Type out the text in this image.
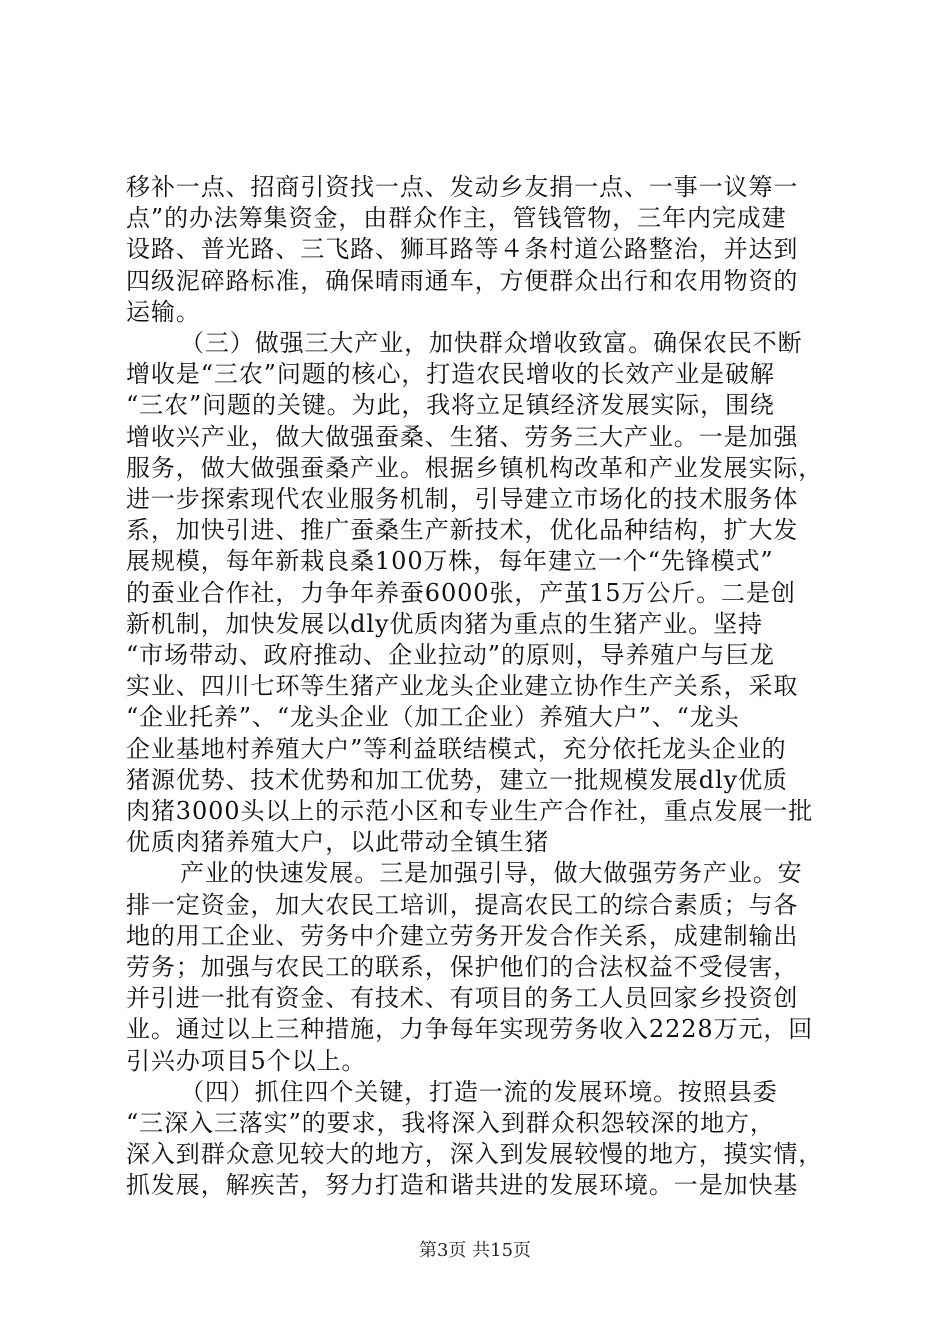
移补一点、招商引资找一点、发动乡友捐一点、一事一议筹一
点”的办法筹集资金，由群众作主，管钱管物，三年内完成建
设路、普光路、三飞路、狮耳路等４条村道公路整治，并达到
四级泥碎路标准，确保晴雨通车，方便群众出行和农用物资的
运输。
（三）做强三大产业，加快群众增收致富。确保农民不断
增收是“三农”问题的核心，打造农民增收的长效产业是破解
“三农”问题的关键。为此，我将立足镇经济发展实际，围绕
增收兴产业，做大做强蚕桑、生猪、劳务三大产业。一是加强
服务，做大做强蚕桑产业。根据乡镇机构改革和产业发展实际，
进一步探索现代农业服务机制，引导建立市场化的技术服务体
系，加快引进、推广蚕桑生产新技术，优化品种结构，扩大发
展规模，每年新栽良桑100万株，每年建立一个“先锋模式”
的蚕业合作社，力争年养蚕6000张，产茧15万公斤。二是创
新机制，加快发展以dly优质肉猪为重点的生猪产业。坚持
“市场带动、政府推动、企业拉动”的原则，导养殖户与巨龙
实业、四川七环等生猪产业龙头企业建立协作生产关系，采取
“企业托养”、“龙头企业（加工企业）养殖大户”、“龙头
企业基地村养殖大户”等利益联结模式，充分依托龙头企业的
猪源优势、技术优势和加工优势，建立一批规模发展dly优质
肉猪3000头以上的示范小区和专业生产合作社，重点发展一批
优质肉猪养殖大户，以此带动全镇生猪
产业的快速发展。三是加强引导，做大做强劳务产业。安
排一定资金，加大农民工培训，提高农民工的综合素质；与各
地的用工企业、劳务中介建立劳务开发合作关系，成建制输出
劳务；加强与农民工的联系，保护他们的合法权益不受侵害，
并引进一批有资金、有技术、有项目的务工人员回家乡投资创
业。通过以上三种措施，力争每年实现劳务收入2228万元，回
引兴办项目5个以上。
（四）抓住四个关键，打造一流的发展环境。按照县委
“三深入三落实”的要求，我将深入到群众积怨较深的地方，
深入到群众意见较大的地方，深入到发展较慢的地方，摸实情，
抓发展，解疾苦，努力打造和谐共进的发展环境。一是加快基
第3页 共15页
